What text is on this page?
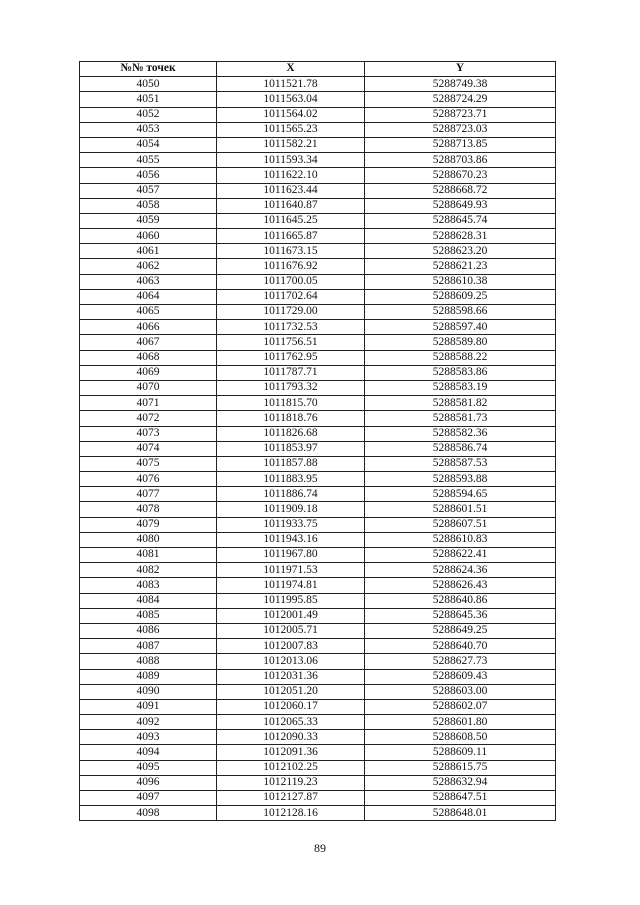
№№ точек	X	Y
4050	1011521.78	5288749.38
4051	1011563.04	5288724.29
4052	1011564.02	5288723.71
4053	1011565.23	5288723.03
4054	1011582.21	5288713.85
4055	1011593.34	5288703.86
4056	1011622.10	5288670.23
4057	1011623.44	5288668.72
4058	1011640.87	5288649.93
4059	1011645.25	5288645.74
4060	1011665.87	5288628.31
4061	1011673.15	5288623.20
4062	1011676.92	5288621.23
4063	1011700.05	5288610.38
4064	1011702.64	5288609.25
4065	1011729.00	5288598.66
4066	1011732.53	5288597.40
4067	1011756.51	5288589.80
4068	1011762.95	5288588.22
4069	1011787.71	5288583.86
4070	1011793.32	5288583.19
4071	1011815.70	5288581.82
4072	1011818.76	5288581.73
4073	1011826.68	5288582.36
4074	1011853.97	5288586.74
4075	1011857.88	5288587.53
4076	1011883.95	5288593.88
4077	1011886.74	5288594.65
4078	1011909.18	5288601.51
4079	1011933.75	5288607.51
4080	1011943.16	5288610.83
4081	1011967.80	5288622.41
4082	1011971.53	5288624.36
4083	1011974.81	5288626.43
4084	1011995.85	5288640.86
4085	1012001.49	5288645.36
4086	1012005.71	5288649.25
4087	1012007.83	5288640.70
4088	1012013.06	5288627.73
4089	1012031.36	5288609.43
4090	1012051.20	5288603.00
4091	1012060.17	5288602.07
4092	1012065.33	5288601.80
4093	1012090.33	5288608.50
4094	1012091.36	5288609.11
4095	1012102.25	5288615.75
4096	1012119.23	5288632.94
4097	1012127.87	5288647.51
4098	1012128.16	5288648.01
89
